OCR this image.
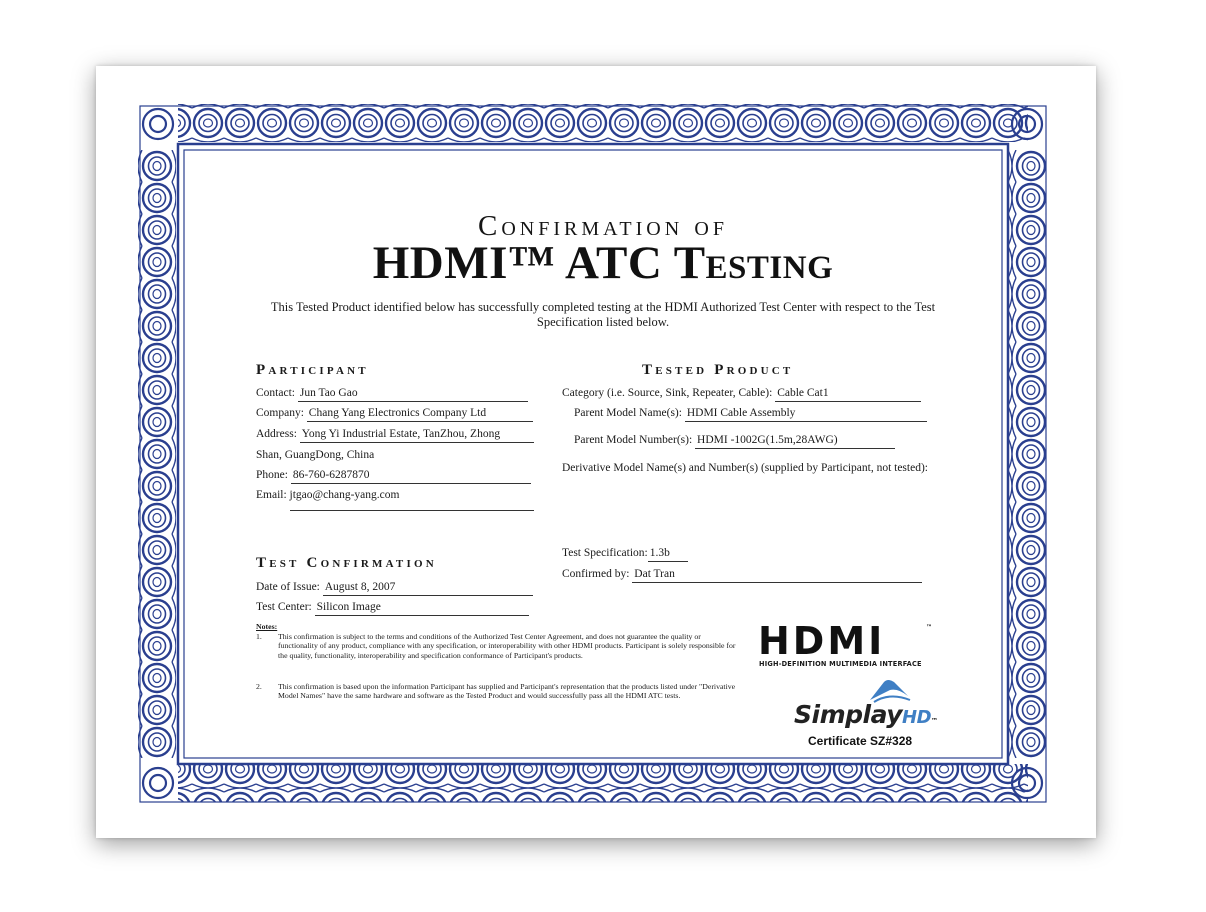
Confirmation of
HDMI™ ATC Testing
This Tested Product identified below has successfully completed testing at the HDMI Authorized Test Center with respect to the Test Specification listed below.
Participant
Contact: Jun Tao Gao
Company: Chang Yang Electronics Company Ltd
Address: Yong Yi Industrial Estate, TanZhou, Zhong
Shan, GuangDong, China
Phone: 86-760-6287870
Email: jtgao@chang-yang.com
Tested Product
Category (i.e. Source, Sink, Repeater, Cable): Cable Cat1
Parent Model Name(s): HDMI Cable Assembly
Parent Model Number(s): HDMI -1002G(1.5m,28AWG)
Derivative Model Name(s) and Number(s) (supplied by Participant, not tested):
Test Confirmation
Date of Issue: August 8, 2007
Test Center: Silicon Image
Test Specification: 1.3b
Confirmed by: Dat Tran
Notes:
1. This confirmation is subject to the terms and conditions of the Authorized Test Center Agreement, and does not guarantee the quality or functionality of any product, compliance with any specification, or interoperability with other HDMI products. Participant is solely responsible for the quality, functionality, interoperability and specification conformance of Participant's products.
2. This confirmation is based upon the information Participant has supplied and Participant's representation that the products listed under "Derivative Model Names" have the same hardware and software as the Tested Product and would successfully pass all the HDMI ATC tests.
HDMI	™
HIGH-DEFINITION MULTIMEDIA INTERFACE
SimplayHD™
Certificate SZ#328
